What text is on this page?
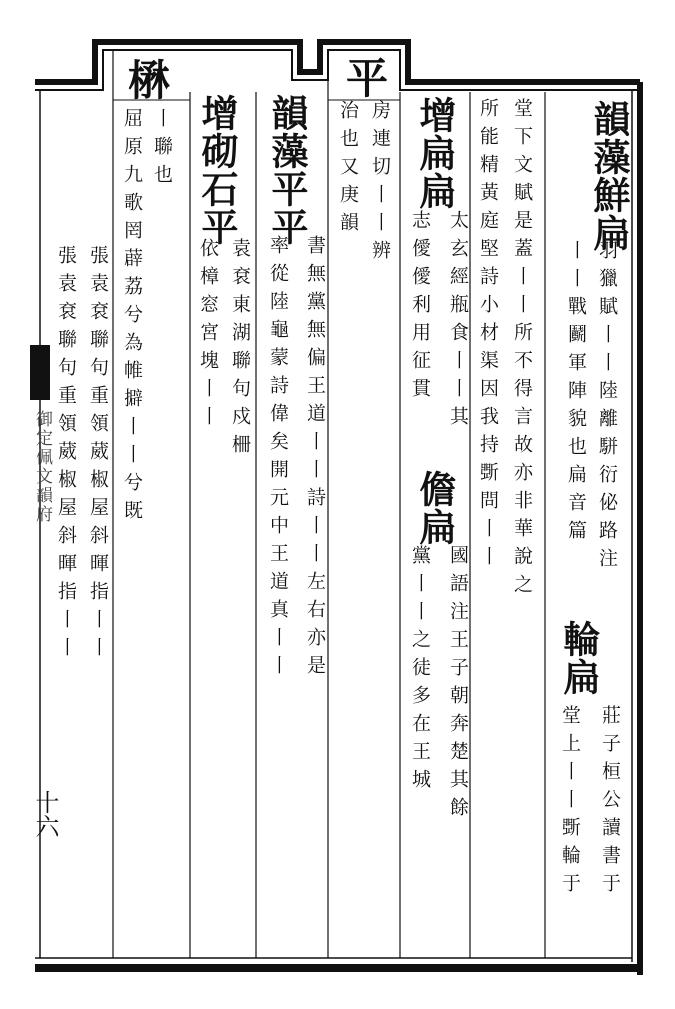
楙	平
韻藻鮮扁
羽獵賦丨丨陸離駢衍佖路注
丨丨戰鬬軍陣貌也扁音篇
輪扁
莊子桓公讀書于
堂上丨丨斲輪于
堂下文賦是蓋丨丨所不得言故亦非華說之
所能精黃庭堅詩小材渠因我持斲問丨丨
增扁扁
太玄經瓶食丨丨其
志僾僾利用征貫
儋扁
國語注王子朝奔楚其餘
黨丨丨之徒多在王城
房連切丨丨辨
治也又庚韻
韻藻平平
書無黨無偏王道丨丨詩丨丨左右亦是
率從陸龜蒙詩偉矣開元中王道真丨丨
增砌石平
袁袞東湖聯句戍柵
依樟窓宮塊丨丨
丨聯也
屈原九歌罔薜荔兮為帷擗丨丨兮既
張袁袞聯句重領葳椒屋斜暉指丨丨
張袁袞聯句重領葳椒屋斜暉指丨丨
御定佩文韻府
十六
